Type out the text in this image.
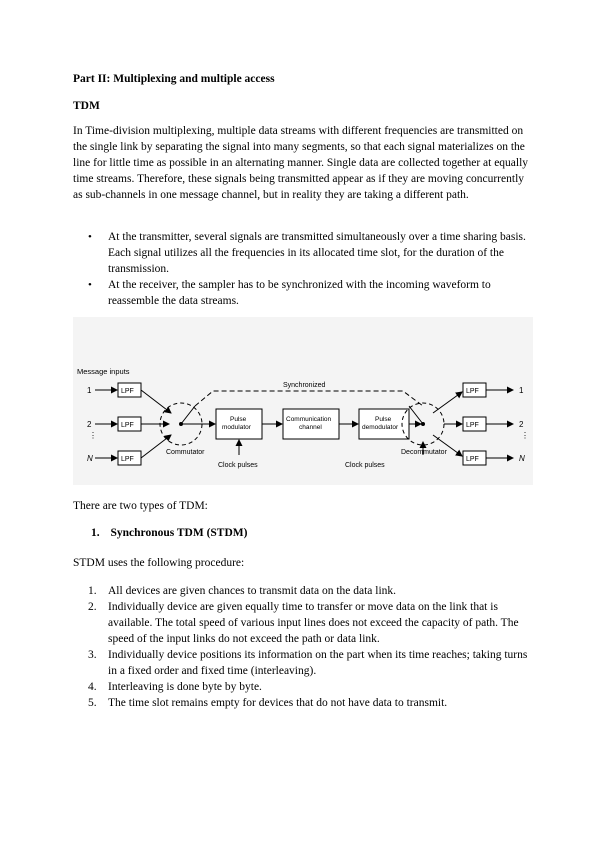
Part II: Multiplexing and multiple access
TDM
In Time-division multiplexing, multiple data streams with different frequencies are transmitted on the single link by separating the signal into many segments, so that each signal materializes on the line for little time as possible in an alternating manner. Single data are collected together at equally time streams. Therefore, these signals being transmitted appear as if they are moving concurrently as sub-channels in one message channel, but in reality they are taking a different path.
• At the transmitter, several signals are transmitted simultaneously over a time sharing basis. Each signal utilizes all the frequencies in its allocated time slot, for the duration of the transmission.
• At the receiver, the sampler has to be synchronized with the incoming waveform to reassemble the data streams.
Message inputs
1
2
⋮
N
LPF
LPF
LPF
Commutator
Synchronized
Pulse modulator
Communication channel
Pulse demodulator
Clock pulses	Clock pulses
Decommutator
LPF
LPF
LPF
1
2
⋮
N
There are two types of TDM:
1. Synchronous TDM (STDM)
STDM uses the following procedure:
1. All devices are given chances to transmit data on the data link.
2. Individually device are given equally time to transfer or move data on the link that is available. The total speed of various input lines does not exceed the capacity of path. The speed of the input links do not exceed the path or data link.
3. Individually device positions its information on the part when its time reaches; taking turns in a fixed order and fixed time (interleaving).
4. Interleaving is done byte by byte.
5. The time slot remains empty for devices that do not have data to transmit.
